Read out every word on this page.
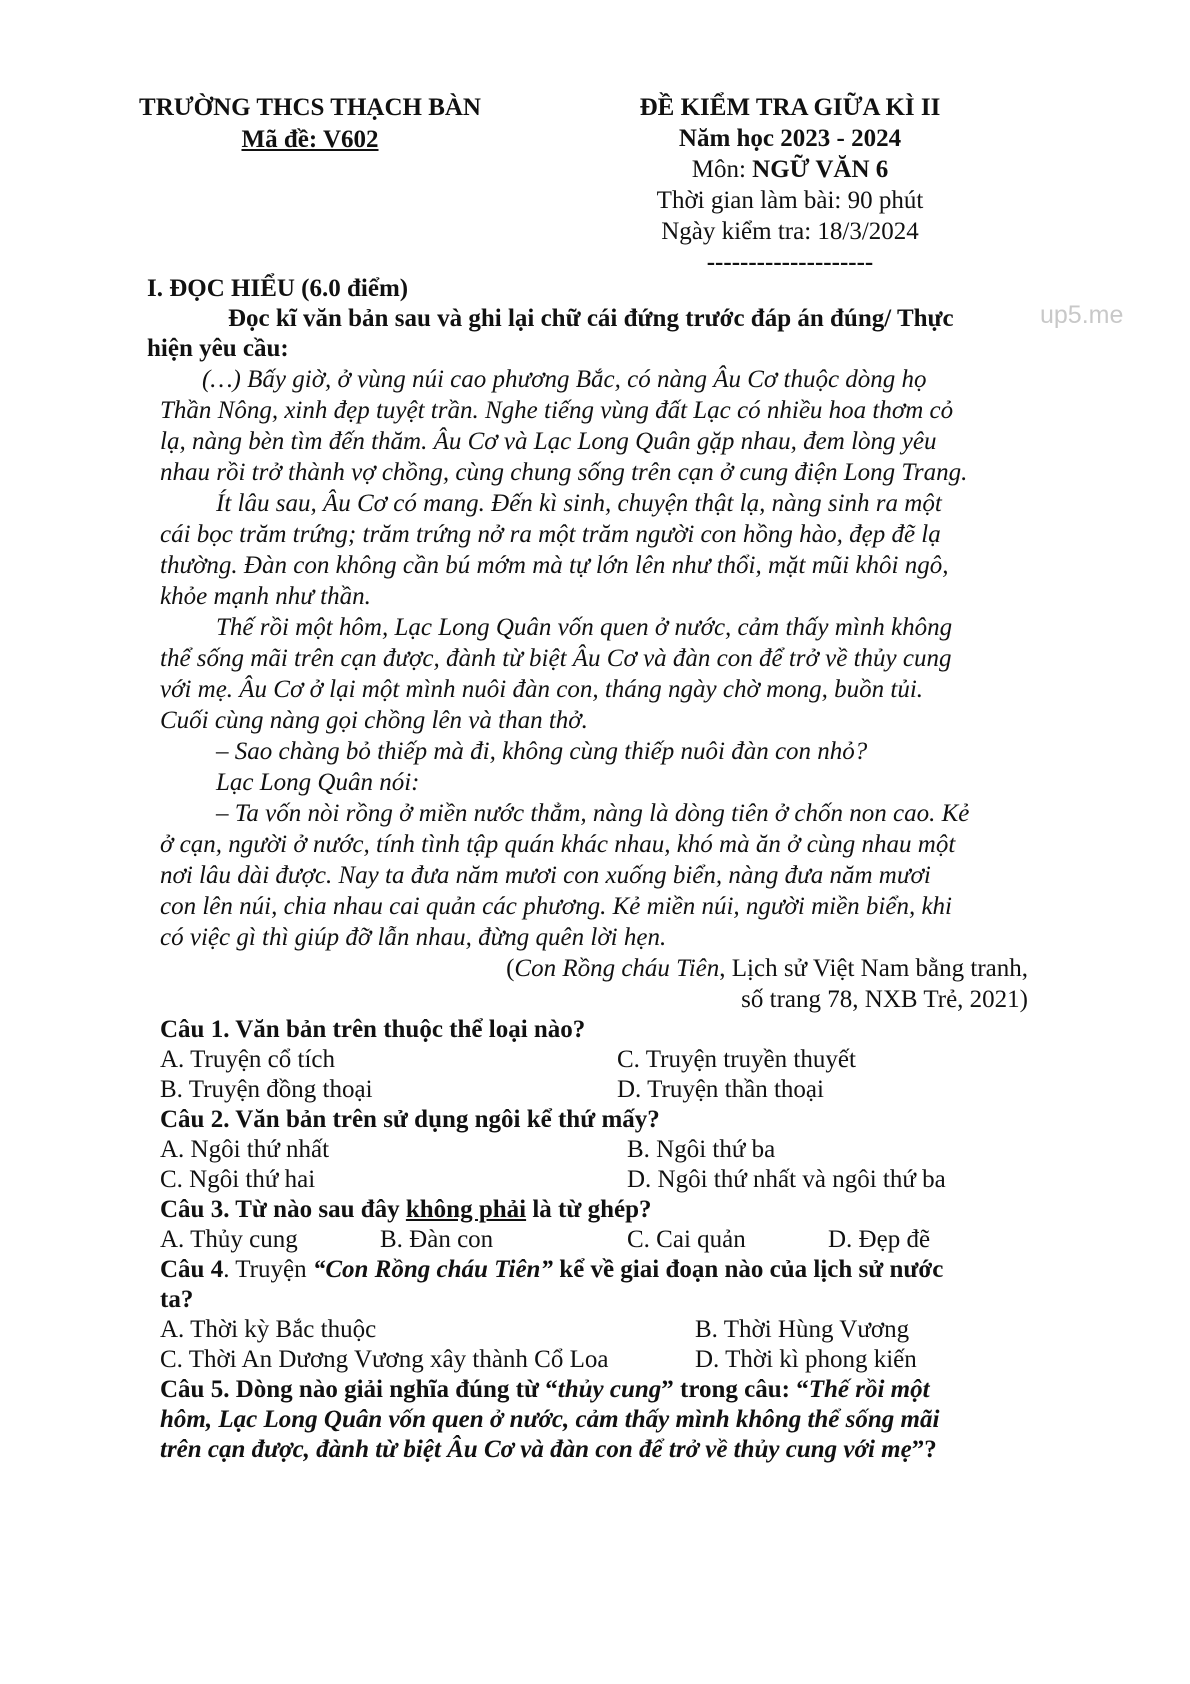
TRƯỜNG THCS THẠCH BÀN
Mã đề: V602
ĐỀ KIỂM TRA GIỮA KÌ II
Năm học 2023 - 2024
Môn: NGỮ VĂN 6
Thời gian làm bài: 90 phút
Ngày kiểm tra: 18/3/2024
--------------------
up5.me
I. ĐỌC HIỂU (6.0 điểm)
Đọc kĩ văn bản sau và ghi lại chữ cái đứng trước đáp án đúng/ Thực
hiện yêu cầu:
(…) Bấy giờ, ở vùng núi cao phương Bắc, có nàng Âu Cơ thuộc dòng họ
Thần Nông, xinh đẹp tuyệt trần. Nghe tiếng vùng đất Lạc có nhiều hoa thơm cỏ
lạ, nàng bèn tìm đến thăm. Âu Cơ và Lạc Long Quân gặp nhau, đem lòng yêu
nhau rồi trở thành vợ chồng, cùng chung sống trên cạn ở cung điện Long Trang.
Ít lâu sau, Âu Cơ có mang. Đến kì sinh, chuyện thật lạ, nàng sinh ra một
cái bọc trăm trứng; trăm trứng nở ra một trăm người con hồng hào, đẹp đẽ lạ
thường. Đàn con không cần bú mớm mà tự lớn lên như thổi, mặt mũi khôi ngô,
khỏe mạnh như thần.
Thế rồi một hôm, Lạc Long Quân vốn quen ở nước, cảm thấy mình không
thể sống mãi trên cạn được, đành từ biệt Âu Cơ và đàn con để trở về thủy cung
với mẹ. Âu Cơ ở lại một mình nuôi đàn con, tháng ngày chờ mong, buồn tủi.
Cuối cùng nàng gọi chồng lên và than thở.
– Sao chàng bỏ thiếp mà đi, không cùng thiếp nuôi đàn con nhỏ?
Lạc Long Quân nói:
– Ta vốn nòi rồng ở miền nước thẳm, nàng là dòng tiên ở chốn non cao. Kẻ
ở cạn, người ở nước, tính tình tập quán khác nhau, khó mà ăn ở cùng nhau một
nơi lâu dài được. Nay ta đưa năm mươi con xuống biển, nàng đưa năm mươi
con lên núi, chia nhau cai quản các phương. Kẻ miền núi, người miền biển, khi
có việc gì thì giúp đỡ lẫn nhau, đừng quên lời hẹn.
(Con Rồng cháu Tiên, Lịch sử Việt Nam bằng tranh,
số trang 78, NXB Trẻ, 2021)
Câu 1. Văn bản trên thuộc thể loại nào?
A. Truyện cổ tích	C. Truyện truyền thuyết
B. Truyện đồng thoại	D. Truyện thần thoại
Câu 2. Văn bản trên sử dụng ngôi kể thứ mấy?
A. Ngôi thứ nhất	B. Ngôi thứ ba
C. Ngôi thứ hai	D. Ngôi thứ nhất và ngôi thứ ba
Câu 3. Từ nào sau đây không phải là từ ghép?
A. Thủy cung	B. Đàn con	C. Cai quản	D. Đẹp đẽ
Câu 4. Truyện “Con Rồng cháu Tiên” kể về giai đoạn nào của lịch sử nước
ta?
A. Thời kỳ Bắc thuộc	B. Thời Hùng Vương
C. Thời An Dương Vương xây thành Cổ Loa	D. Thời kì phong kiến
Câu 5. Dòng nào giải nghĩa đúng từ “thủy cung” trong câu: “Thế rồi một
hôm, Lạc Long Quân vốn quen ở nước, cảm thấy mình không thể sống mãi
trên cạn được, đành từ biệt Âu Cơ và đàn con để trở về thủy cung với mẹ”?
